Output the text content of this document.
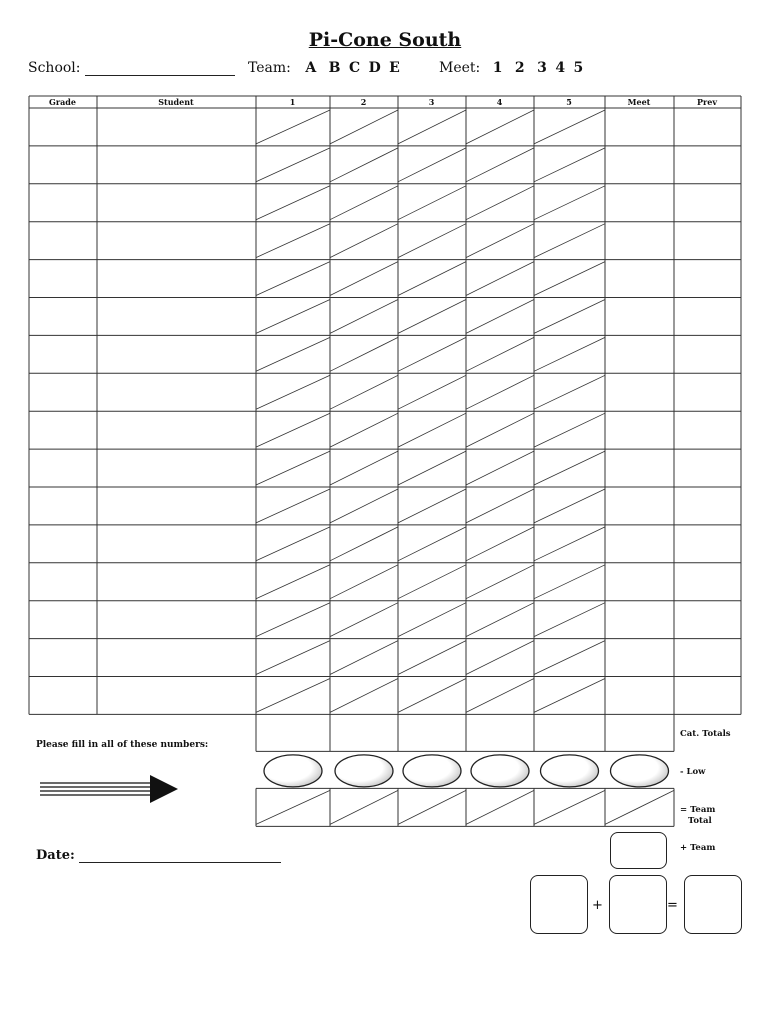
Pi-Cone South
School:	Team: A B C D E	Meet: 1 2 3 4 5
Grade	Student	1	2	3	4	5	Meet	Prev
Cat. Totals
- Low
= Team
Total
+ Team
Please fill in all of these numbers:
Date:
+	=
